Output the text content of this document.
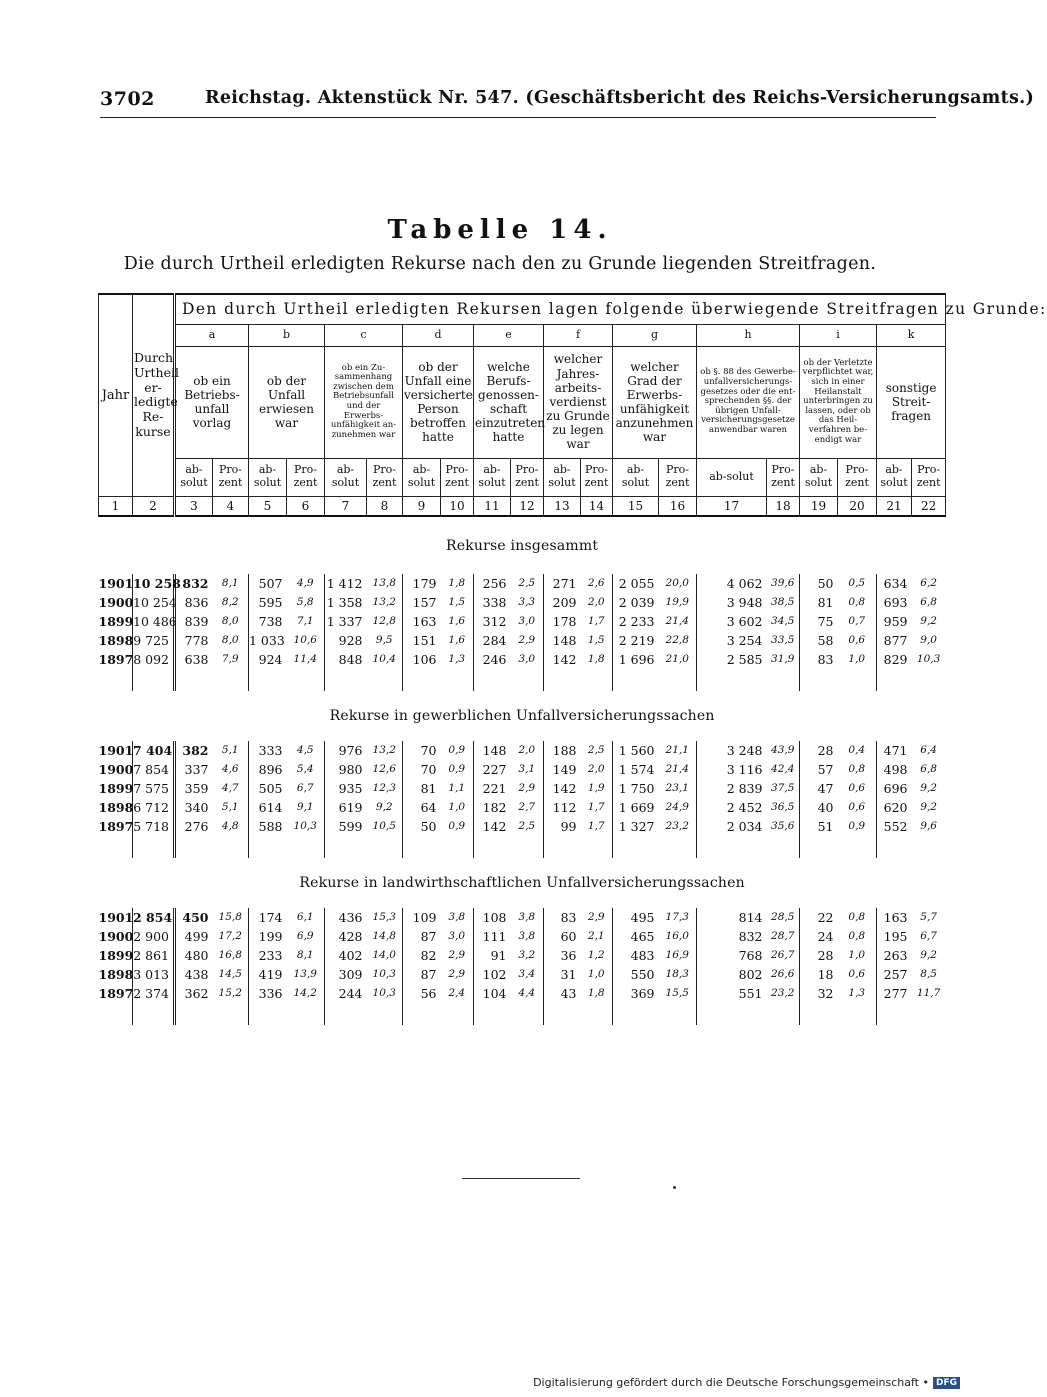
3702	Reichstag. Aktenstück Nr. 547. (Geschäftsbericht des Reichs-Versicherungsamts.)
Tabelle 14.
Die durch Urtheil erledigten Rekurse nach den zu Grunde liegenden Streitfragen.
Jahr	Durch Urtheil er-ledigte Re-kurse	Den durch Urtheil erledigten Rekursen lagen folgende überwiegende Streitfragen zu Grunde:																			
		a		b		c		d		e		f		g		h		i		k	
		ob ein Betriebs-unfall vorlag		ob der Unfall erwiesen war		ob ein Zu-sammenhang zwischen dem Betriebsunfall und der Erwerbs-unfähigkeit an-zunehmen war		ob der Unfall eine versicherte Person betroffen hatte		welche Berufs-genossen-schaft einzutreten hatte		welcher Jahres-arbeits-verdienst zu Grunde zu legen war		welcher Grad der Erwerbs-unfähigkeit anzunehmen war		ob §. 88 des Gewerbe-unfallversicherungs-gesetzes oder die ent-sprechenden §§. der übrigen Unfall-versicherungsgesetze anwendbar waren		ob der Verletzte verpflichtet war, sich in einer Heilanstalt unterbringen zu lassen, oder ob das Heil-verfahren be-endigt war		sonstige Streit-fragen	
		ab-solut	Pro-zent	ab-solut	Pro-zent	ab-solut	Pro-zent	ab-solut	Pro-zent	ab-solut	Pro-zent	ab-solut	Pro-zent	ab-solut	Pro-zent	ab-solut	Pro-zent	ab-solut	Pro-zent	ab-solut	Pro-zent
1	2	3	4	5	6	7	8	9	10	11	12	13	14	15	16	17	18	19	20	21	22
Rekurse insgesammt																					
1901	10 258	832	8,1	507	4,9	1 412	13,8	179	1,8	256	2,5	271	2,6	2 055	20,0	4 062	39,6	50	0,5	634	6,2
1900	10 254	836	8,2	595	5,8	1 358	13,2	157	1,5	338	3,3	209	2,0	2 039	19,9	3 948	38,5	81	0,8	693	6,8
1899	10 486	839	8,0	738	7,1	1 337	12,8	163	1,6	312	3,0	178	1,7	2 233	21,4	3 602	34,5	75	0,7	959	9,2
1898	9 725	778	8,0	1 033	10,6	928	9,5	151	1,6	284	2,9	148	1,5	2 219	22,8	3 254	33,5	58	0,6	877	9,0
1897	8 092	638	7,9	924	11,4	848	10,4	106	1,3	246	3,0	142	1,8	1 696	21,0	2 585	31,9	83	1,0	829	10,3

Rekurse in gewerblichen Unfallversicherungssachen																					
1901	7 404	382	5,1	333	4,5	976	13,2	70	0,9	148	2,0	188	2,5	1 560	21,1	3 248	43,9	28	0,4	471	6,4
1900	7 854	337	4,6	896	5,4	980	12,6	70	0,9	227	3,1	149	2,0	1 574	21,4	3 116	42,4	57	0,8	498	6,8
1899	7 575	359	4,7	505	6,7	935	12,3	81	1,1	221	2,9	142	1,9	1 750	23,1	2 839	37,5	47	0,6	696	9,2
1898	6 712	340	5,1	614	9,1	619	9,2	64	1,0	182	2,7	112	1,7	1 669	24,9	2 452	36,5	40	0,6	620	9,2
1897	5 718	276	4,8	588	10,3	599	10,5	50	0,9	142	2,5	99	1,7	1 327	23,2	2 034	35,6	51	0,9	552	9,6

Rekurse in landwirthschaftlichen Unfallversicherungssachen																					
1901	2 854	450	15,8	174	6,1	436	15,3	109	3,8	108	3,8	83	2,9	495	17,3	814	28,5	22	0,8	163	5,7
1900	2 900	499	17,2	199	6,9	428	14,8	87	3,0	111	3,8	60	2,1	465	16,0	832	28,7	24	0,8	195	6,7
1899	2 861	480	16,8	233	8,1	402	14,0	82	2,9	91	3,2	36	1,2	483	16,9	768	26,7	28	1,0	263	9,2
1898	3 013	438	14,5	419	13,9	309	10,3	87	2,9	102	3,4	31	1,0	550	18,3	802	26,6	18	0,6	257	8,5
1897	2 374	362	15,2	336	14,2	244	10,3	56	2,4	104	4,4	43	1,8	369	15,5	551	23,2	32	1,3	277	11,7

Digitalisierung gefördert durch die Deutsche Forschungsgemeinschaft • DFG
